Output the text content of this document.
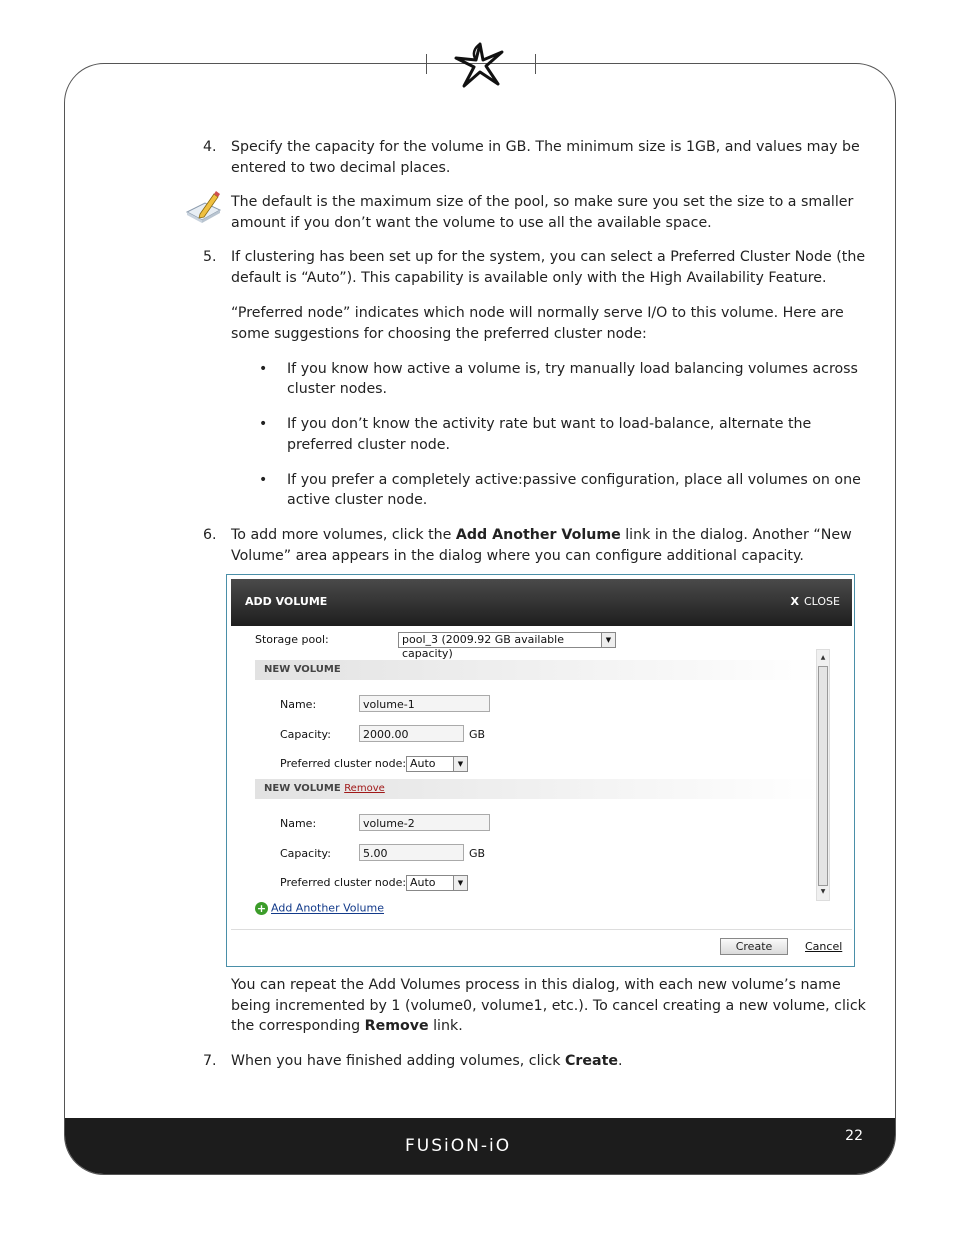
FUSiON-iO	22
4. Specify the capacity for the volume in GB. The minimum size is 1GB, and values may be
entered to two decimal places.
The default is the maximum size of the pool, so make sure you set the size to a smaller
amount if you don’t want the volume to use all the available space.
5. If clustering has been set up for the system, you can select a Preferred Cluster Node (the
default is “Auto”). This capability is available only with the High Availability Feature.
“Preferred node” indicates which node will normally serve I/O to this volume. Here are
some suggestions for choosing the preferred cluster node:
• If you know how active a volume is, try manually load balancing volumes across
cluster nodes.
• If you don’t know the activity rate but want to load-balance, alternate the
preferred cluster node.
• If you prefer a completely active:passive configuration, place all volumes on one
active cluster node.
6. To add more volumes, click the Add Another Volume link in the dialog. Another “New
Volume” area appears in the dialog where you can configure additional capacity.
ADD VOLUME	X CLOSE
Storage pool:	pool_3 (2009.92 GB available capacity)
▼
NEW VOLUME
Name:	volume-1
Capacity:	2000.00	GB
Preferred cluster node: Auto	▼
NEW VOLUME Remove
Name:	volume-2
Capacity:	5.00	GB
Preferred cluster node: Auto	▼
▲
▼
+ Add Another Volume
Create	Cancel
You can repeat the Add Volumes process in this dialog, with each new volume’s name
being incremented by 1 (volume0, volume1, etc.). To cancel creating a new volume, click
the corresponding Remove link.
7. When you have finished adding volumes, click Create.
